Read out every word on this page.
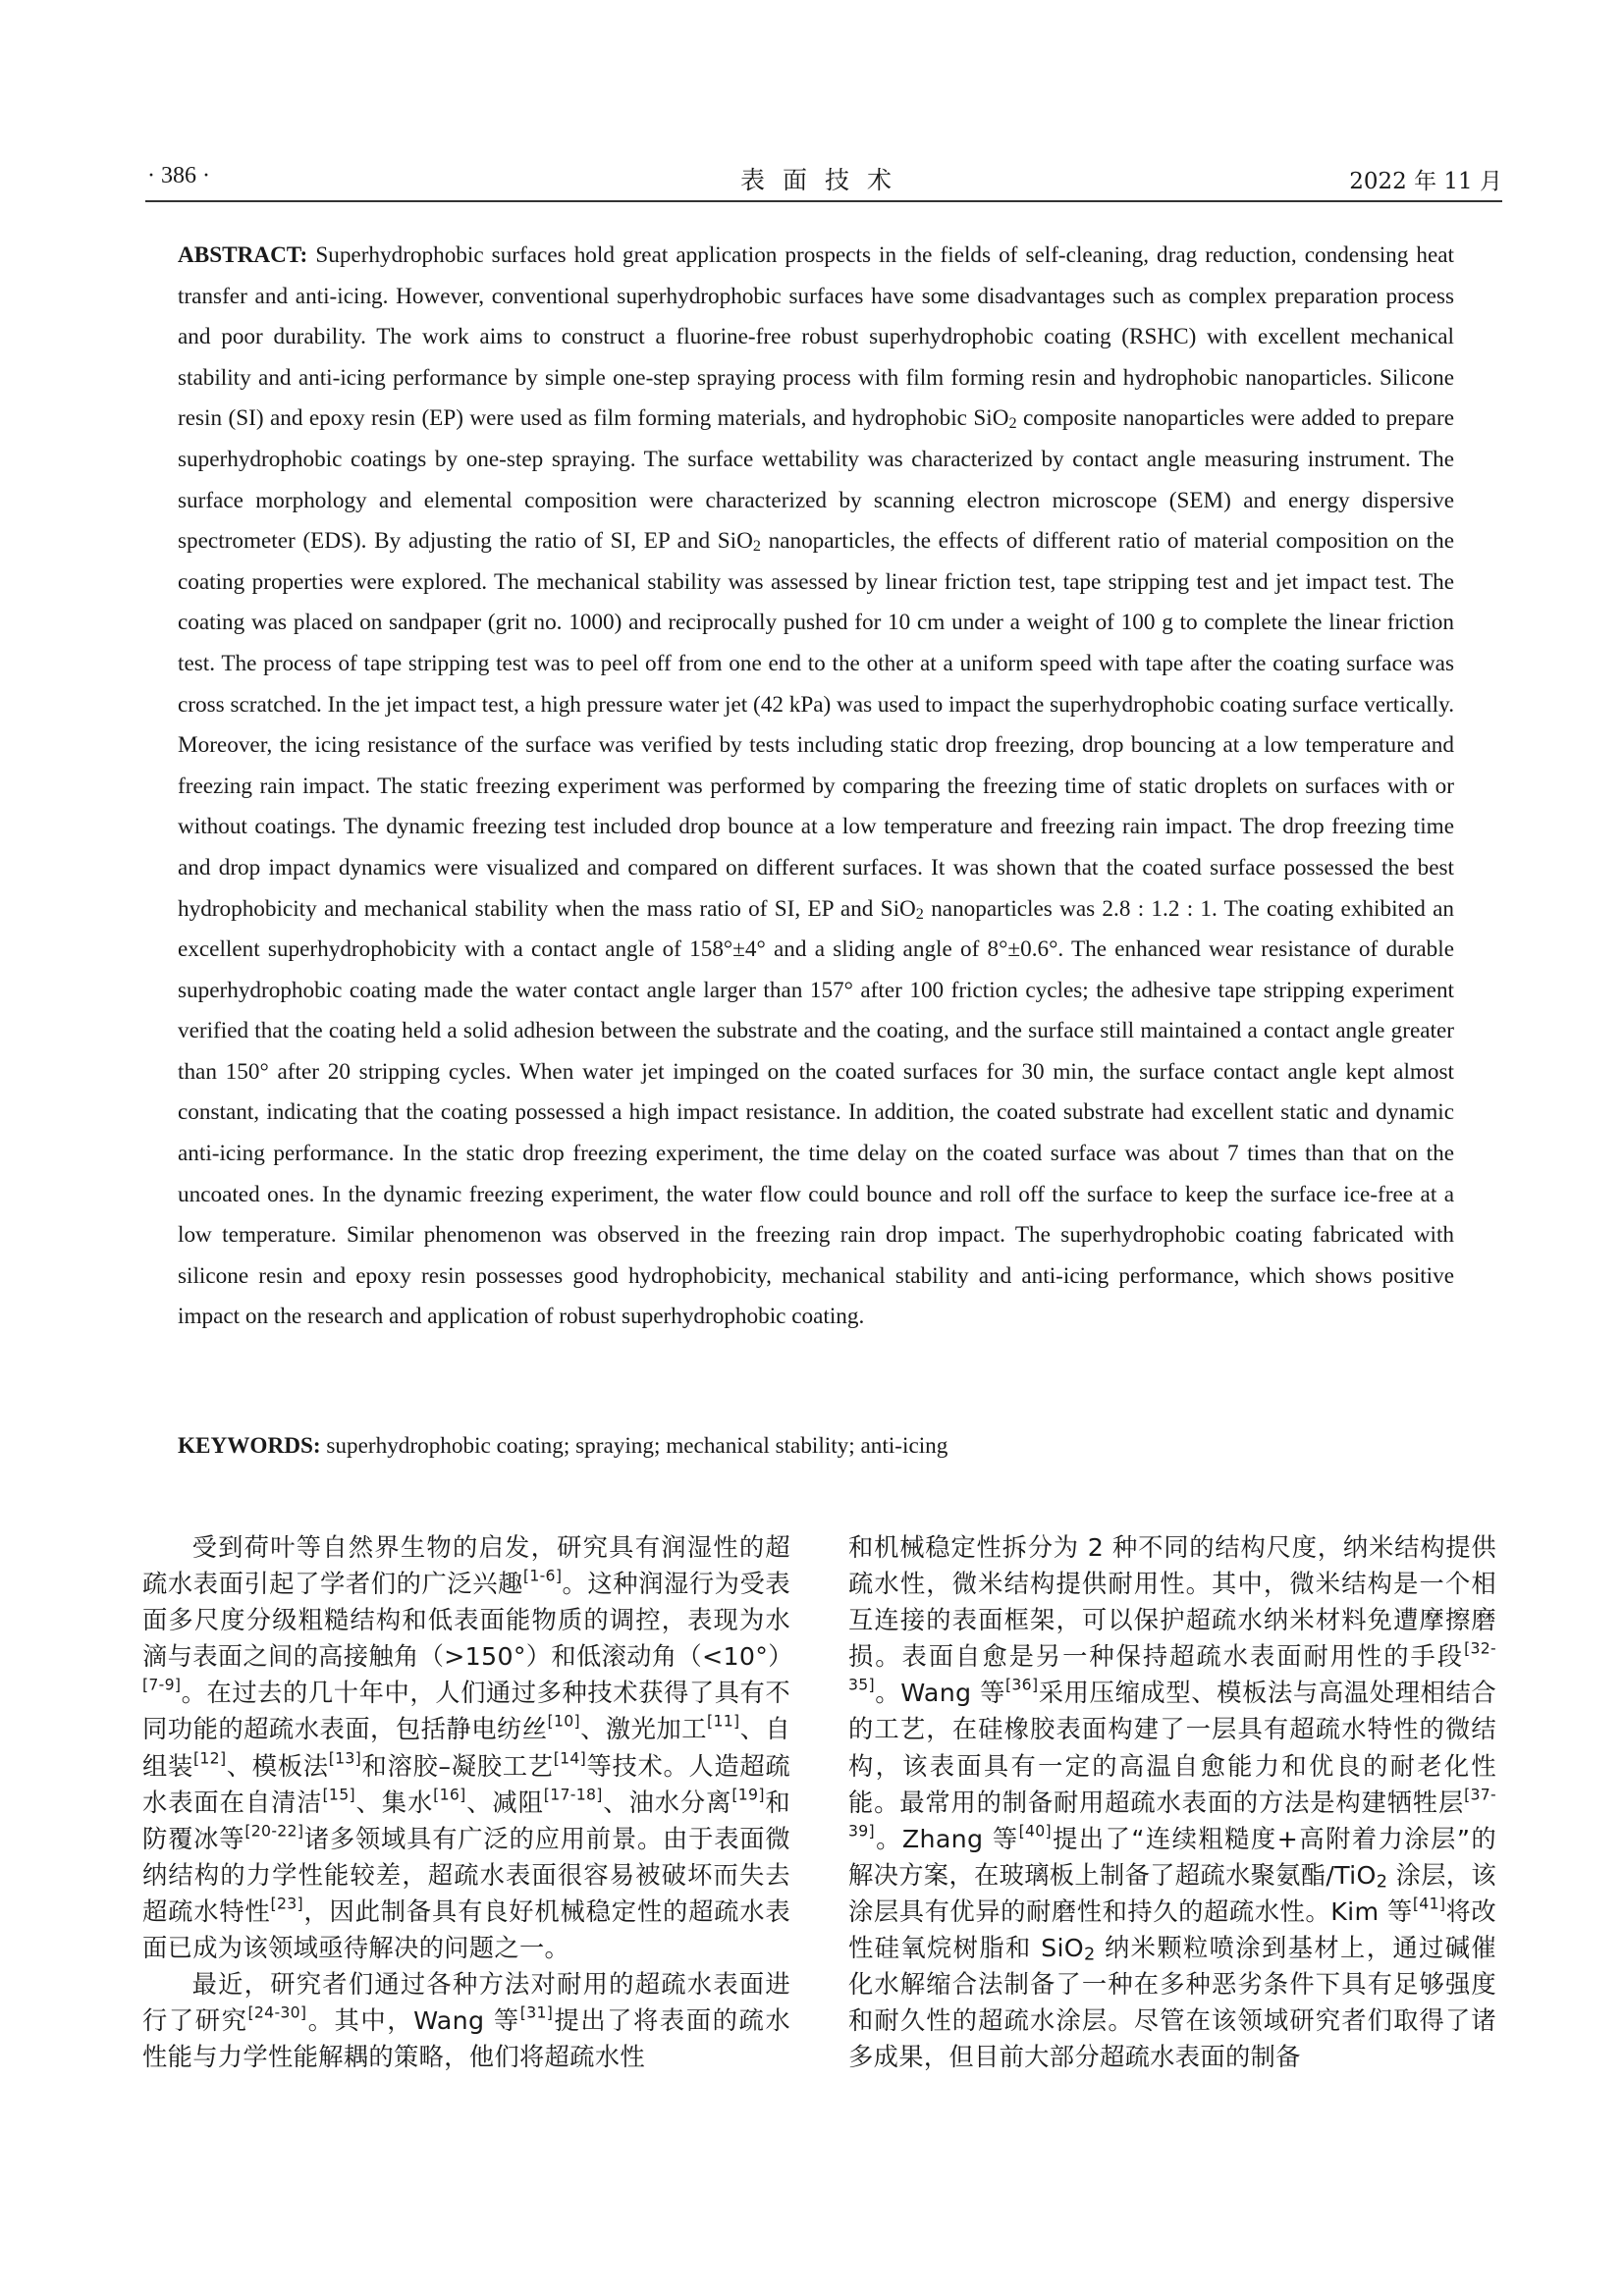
· 386 ·	表面技术	2022 年 11 月
ABSTRACT: Superhydrophobic surfaces hold great application prospects in the fields of self-cleaning, drag reduction, condensing heat transfer and anti-icing. However, conventional superhydrophobic surfaces have some disadvantages such as complex preparation process and poor durability. The work aims to construct a fluorine-free robust superhydrophobic coating (RSHC) with excellent mechanical stability and anti-icing performance by simple one-step spraying process with film forming resin and hydrophobic nanoparticles. Silicone resin (SI) and epoxy resin (EP) were used as film forming materials, and hydrophobic SiO$_2$ composite nanoparticles were added to prepare superhydrophobic coatings by one-step spraying. The surface wettability was characterized by contact angle measuring instrument. The surface morphology and elemental composition were characterized by scanning electron microscope (SEM) and energy dispersive spectrometer (EDS). By adjusting the ratio of SI, EP and SiO$_2$ nanoparticles, the effects of different ratio of material composition on the coating properties were explored. The mechanical stability was assessed by linear friction test, tape stripping test and jet impact test. The coating was placed on sandpaper (grit no. 1000) and reciprocally pushed for 10 cm under a weight of 100 g to complete the linear friction test. The process of tape stripping test was to peel off from one end to the other at a uniform speed with tape after the coating surface was cross scratched. In the jet impact test, a high pressure water jet (42 kPa) was used to impact the superhydrophobic coating surface vertically. Moreover, the icing resistance of the surface was verified by tests including static drop freezing, drop bouncing at a low temperature and freezing rain impact. The static freezing experiment was performed by comparing the freezing time of static droplets on surfaces with or without coatings. The dynamic freezing test included drop bounce at a low temperature and freezing rain impact. The drop freezing time and drop impact dynamics were visualized and compared on different surfaces. It was shown that the coated surface possessed the best hydrophobicity and mechanical stability when the mass ratio of SI, EP and SiO$_2$ nanoparticles was 2.8 : 1.2 : 1. The coating exhibited an excellent superhydrophobicity with a contact angle of 158°±4° and a sliding angle of 8°±0.6°. The enhanced wear resistance of durable superhydrophobic coating made the water contact angle larger than 157° after 100 friction cycles; the adhesive tape stripping experiment verified that the coating held a solid adhesion between the substrate and the coating, and the surface still maintained a contact angle greater than 150° after 20 stripping cycles. When water jet impinged on the coated surfaces for 30 min, the surface contact angle kept almost constant, indicating that the coating possessed a high impact resistance. In addition, the coated substrate had excellent static and dynamic anti-icing performance. In the static drop freezing experiment, the time delay on the coated surface was about 7 times than that on the uncoated ones. In the dynamic freezing experiment, the water flow could bounce and roll off the surface to keep the surface ice-free at a low temperature. Similar phenomenon was observed in the freezing rain drop impact. The superhydrophobic coating fabricated with silicone resin and epoxy resin possesses good hydrophobicity, mechanical stability and anti-icing performance, which shows positive impact on the research and application of robust superhydrophobic coating.
KEYWORDS: superhydrophobic coating; spraying; mechanical stability; anti-icing

受到荷叶等自然界生物的启发，研究具有润湿性的超疏水表面引起了学者们的广泛兴趣[1-6]。这种润湿行为受表面多尺度分级粗糙结构和低表面能物质的调控，表现为水滴与表面之间的高接触角（>150°）和低滚动角（<10°）[7-9]。在过去的几十年中，人们通过多种技术获得了具有不同功能的超疏水表面，包括静电纺丝[10]、激光加工[11]、自组装[12]、模板法[13]和溶胶–凝胶工艺[14]等技术。人造超疏水表面在自清洁[15]、集水[16]、减阻[17-18]、油水分离[19]和防覆冰等[20-22]诸多领域具有广泛的应用前景。由于表面微纳结构的力学性能较差，超疏水表面很容易被破坏而失去超疏水特性[23]，因此制备具有良好机械稳定性的超疏水表面已成为该领域亟待解决的问题之一。

最近，研究者们通过各种方法对耐用的超疏水表面进行了研究[24-30]。其中，Wang 等[31]提出了将表面的疏水性能与力学性能解耦的策略，他们将超疏水性

和机械稳定性拆分为 2 种不同的结构尺度，纳米结构提供疏水性，微米结构提供耐用性。其中，微米结构是一个相互连接的表面框架，可以保护超疏水纳米材料免遭摩擦磨损。表面自愈是另一种保持超疏水表面耐用性的手段[32-35]。Wang 等[36]采用压缩成型、模板法与高温处理相结合的工艺，在硅橡胶表面构建了一层具有超疏水特性的微结构，该表面具有一定的高温自愈能力和优良的耐老化性能。最常用的制备耐用超疏水表面的方法是构建牺牲层[37-39]。Zhang 等[40]提出了“连续粗糙度+高附着力涂层”的解决方案，在玻璃板上制备了超疏水聚氨酯/TiO$_2$ 涂层，该涂层具有优异的耐磨性和持久的超疏水性。Kim 等[41]将改性硅氧烷树脂和 SiO$_2$ 纳米颗粒喷涂到基材上，通过碱催化水解缩合法制备了一种在多种恶劣条件下具有足够强度和耐久性的超疏水涂层。尽管在该领域研究者们取得了诸多成果，但目前大部分超疏水表面的制备
